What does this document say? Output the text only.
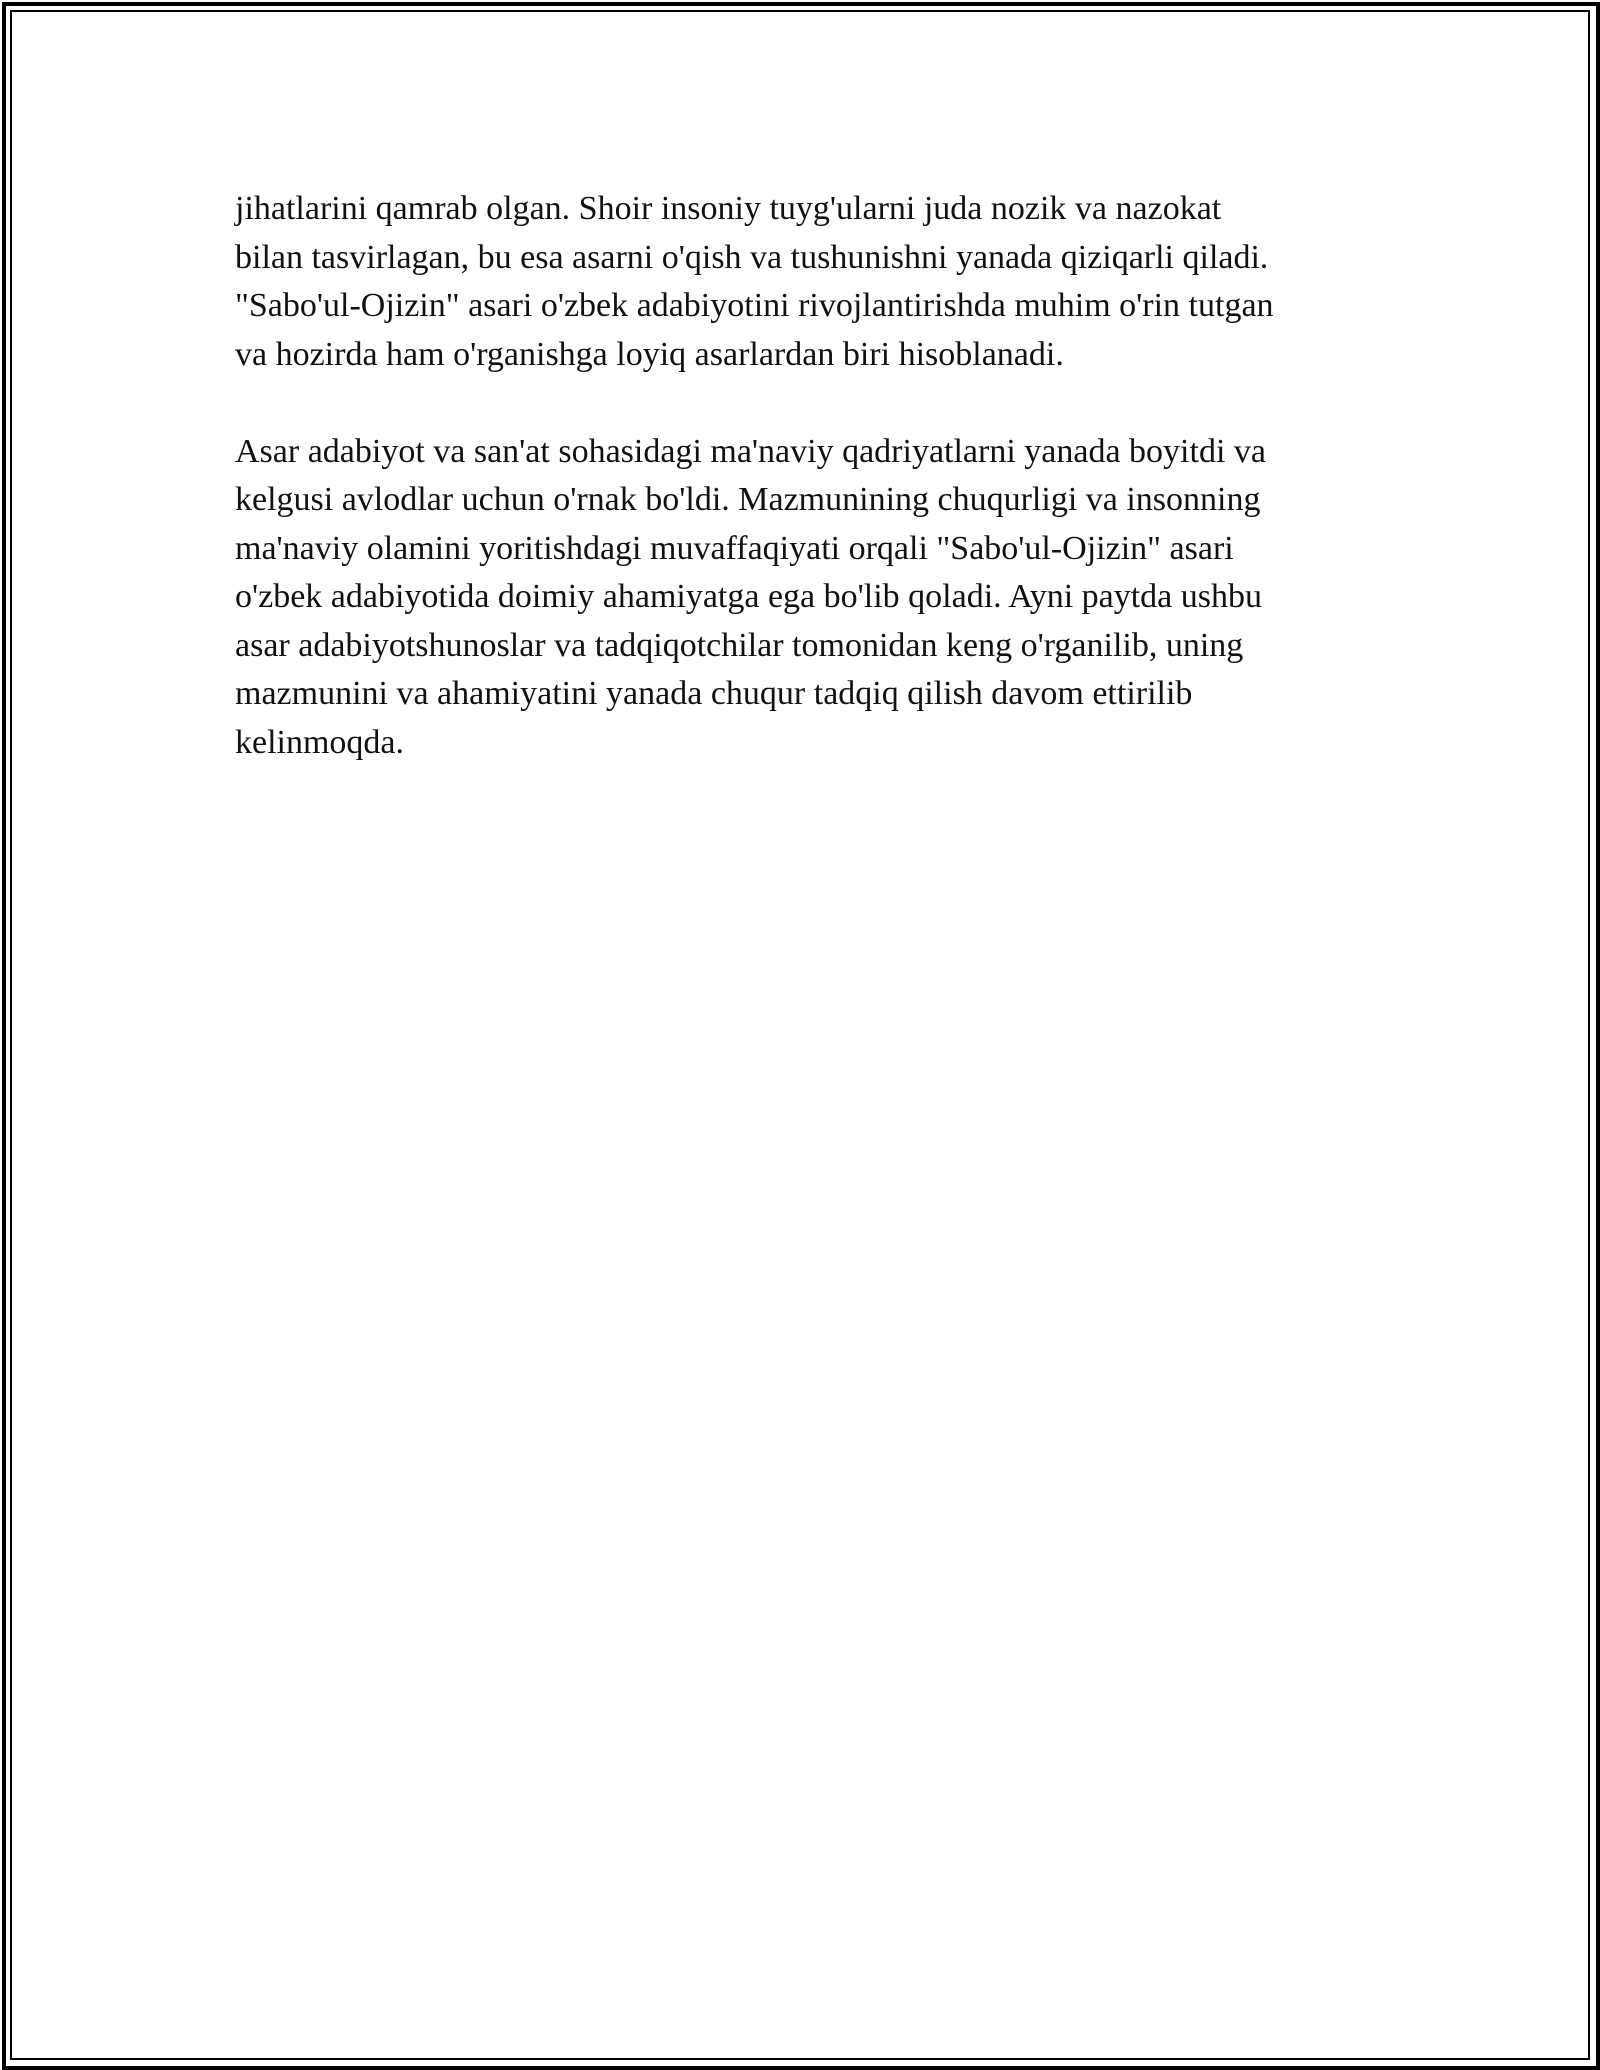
jihatlarini qamrab olgan. Shoir insoniy tuyg'ularni juda nozik va nazokat
bilan tasvirlagan, bu esa asarni o'qish va tushunishni yanada qiziqarli qiladi.
"Sabo'ul-Ojizin" asari o'zbek adabiyotini rivojlantirishda muhim o'rin tutgan
va hozirda ham o'rganishga loyiq asarlardan biri hisoblanadi.

Asar adabiyot va san'at sohasidagi ma'naviy qadriyatlarni yanada boyitdi va
kelgusi avlodlar uchun o'rnak bo'ldi. Mazmunining chuqurligi va insonning
ma'naviy olamini yoritishdagi muvaffaqiyati orqali "Sabo'ul-Ojizin" asari
o'zbek adabiyotida doimiy ahamiyatga ega bo'lib qoladi. Ayni paytda ushbu
asar adabiyotshunoslar va tadqiqotchilar tomonidan keng o'rganilib, uning
mazmunini va ahamiyatini yanada chuqur tadqiq qilish davom ettirilib
kelinmoqda.
